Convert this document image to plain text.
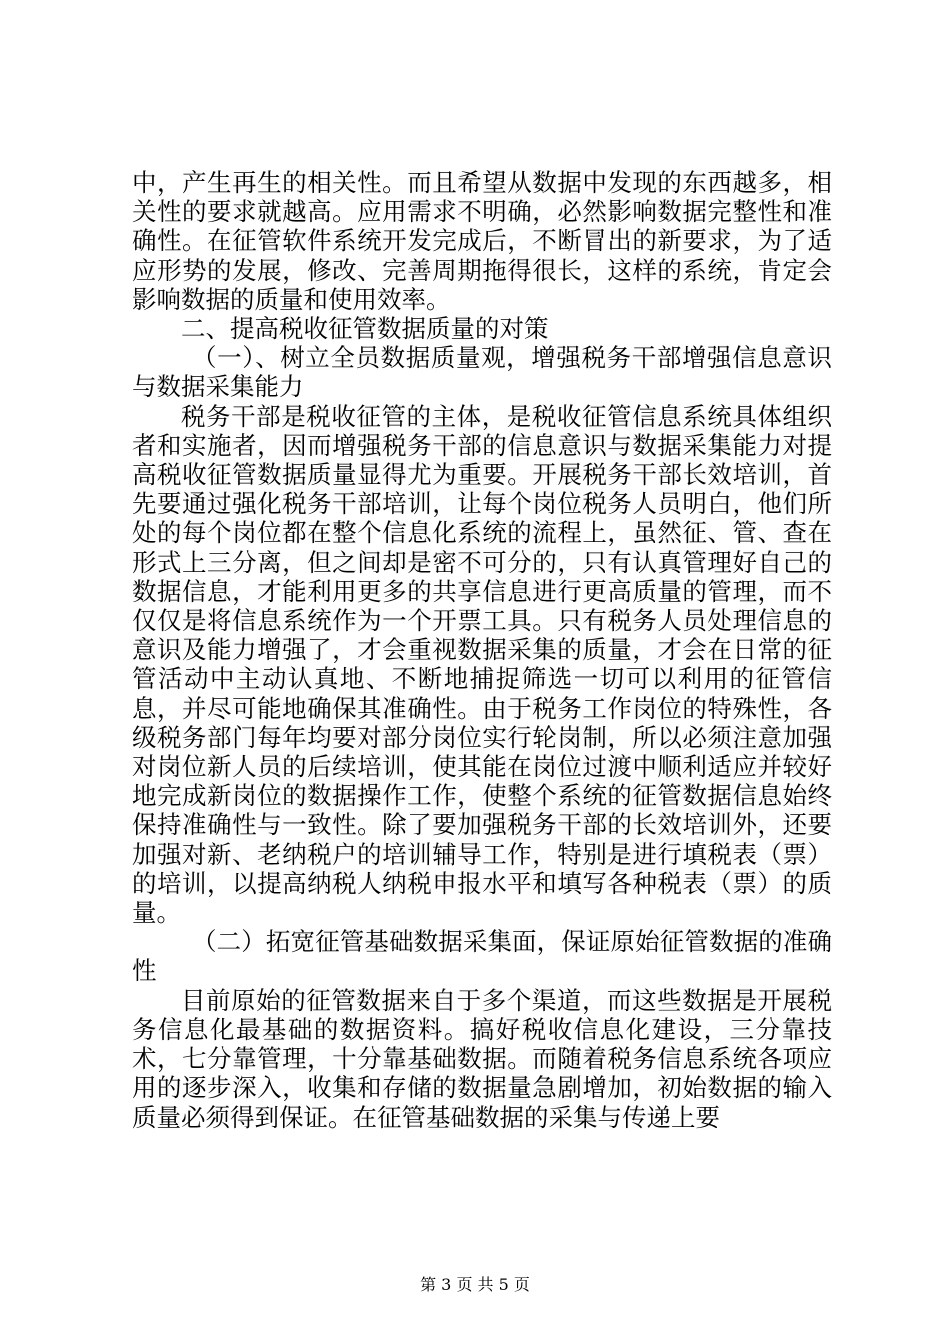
中，产生再生的相关性。而且希望从数据中发现的东西越多，相关性的要求就越高。应用需求不明确，必然影响数据完整性和准确性。在征管软件系统开发完成后，不断冒出的新要求，为了适应形势的发展，修改、完善周期拖得很长，这样的系统，肯定会影响数据的质量和使用效率。

二、提高税收征管数据质量的对策

（一）、树立全员数据质量观，增强税务干部增强信息意识与数据采集能力

税务干部是税收征管的主体，是税收征管信息系统具体组织者和实施者，因而增强税务干部的信息意识与数据采集能力对提高税收征管数据质量显得尤为重要。开展税务干部长效培训，首先要通过强化税务干部培训，让每个岗位税务人员明白，他们所处的每个岗位都在整个信息化系统的流程上，虽然征、管、查在形式上三分离，但之间却是密不可分的，只有认真管理好自己的数据信息，才能利用更多的共享信息进行更高质量的管理，而不仅仅是将信息系统作为一个开票工具。只有税务人员处理信息的意识及能力增强了，才会重视数据采集的质量，才会在日常的征管活动中主动认真地、不断地捕捉筛选一切可以利用的征管信息，并尽可能地确保其准确性。由于税务工作岗位的特殊性，各级税务部门每年均要对部分岗位实行轮岗制，所以必须注意加强对岗位新人员的后续培训，使其能在岗位过渡中顺利适应并较好地完成新岗位的数据操作工作，使整个系统的征管数据信息始终保持准确性与一致性。除了要加强税务干部的长效培训外，还要加强对新、老纳税户的培训辅导工作，特别是进行填税表（票）的培训，以提高纳税人纳税申报水平和填写各种税表（票）的质量。

（二）拓宽征管基础数据采集面，保证原始征管数据的准确性

目前原始的征管数据来自于多个渠道，而这些数据是开展税务信息化最基础的数据资料。搞好税收信息化建设，三分靠技术，七分靠管理，十分靠基础数据。而随着税务信息系统各项应用的逐步深入，收集和存储的数据量急剧增加，初始数据的输入质量必须得到保证。在征管基础数据的采集与传递上要

第 3 页 共 5 页
